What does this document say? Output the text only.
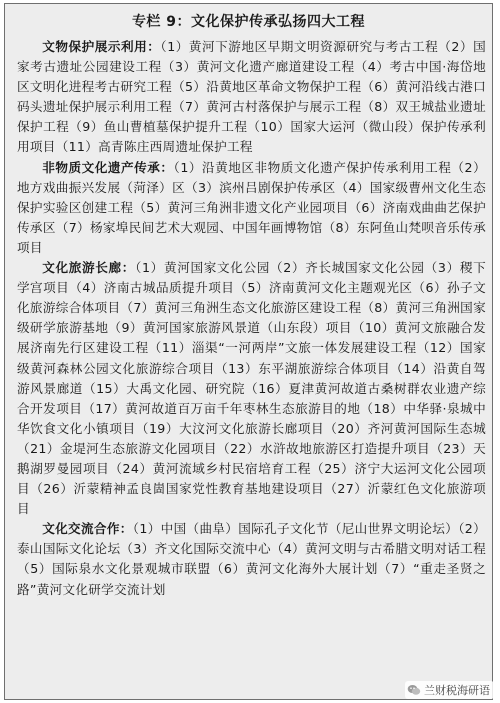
专栏 9：文化保护传承弘扬四大工程

文物保护展示利用：（1）黄河下游地区早期文明资源研究与考古工程（2）国家考古遗址公园建设工程（3）黄河文化遗产廊道建设工程（4）考古中国·海岱地区文明化进程考古研究工程（5）沿黄地区革命文物保护工程（6）黄河沿线古港口码头遗址保护展示利用工程（7）黄河古村落保护与展示工程（8）双王城盐业遗址保护工程（9）鱼山曹植墓保护提升工程（10）国家大运河（微山段）保护传承利用项目（11）高青陈庄西周遗址保护工程

非物质文化遗产传承：（1）沿黄地区非物质文化遗产保护传承利用工程（2）地方戏曲振兴发展（菏泽）区（3）滨州吕剧保护传承区（4）国家级曹州文化生态保护实验区创建工程（5）黄河三角洲非遗文化产业园项目（6）济南戏曲曲艺保护传承区（7）杨家埠民间艺术大观园、中国年画博物馆（8）东阿鱼山梵呗音乐传承项目

文化旅游长廊：（1）黄河国家文化公园（2）齐长城国家文化公园（3）稷下学宫项目（4）济南古城品质提升项目（5）济南黄河文化主题观光区（6）孙子文化旅游综合体项目（7）黄河三角洲生态文化旅游区建设工程（8）黄河三角洲国家级研学旅游基地（9）黄河国家旅游风景道（山东段）项目（10）黄河文旅融合发展济南先行区建设工程（11）淄渠“一河两岸”文旅一体发展建设工程（12）国家级黄河森林公园文化旅游综合项目（13）东平湖旅游综合体项目（14）沿黄自驾游风景廊道（15）大禹文化园、研究院（16）夏津黄河故道古桑树群农业遗产综合开发项目（17）黄河故道百万亩千年枣林生态旅游目的地（18）中华驿·泉城中华饮食文化小镇项目（19）大汶河文化旅游长廊项目（20）齐河黄河国际生态城（21）金堤河生态旅游文化园项目（22）水浒故地旅游区打造提升项目（23）天鹅湖罗曼园项目（24）黄河流域乡村民宿培育工程（25）济宁大运河文化公园项目（26）沂蒙精神孟良崮国家党性教育基地建设项目（27）沂蒙红色文化旅游项目

文化交流合作：（1）中国（曲阜）国际孔子文化节（尼山世界文明论坛）（2）泰山国际文化论坛（3）齐文化国际交流中心（4）黄河文明与古希腊文明对话工程（5）国际泉水文化景观城市联盟（6）黄河文化海外大展计划（7）“重走圣贤之路”黄河文化研学交流计划

兰财税海研语
